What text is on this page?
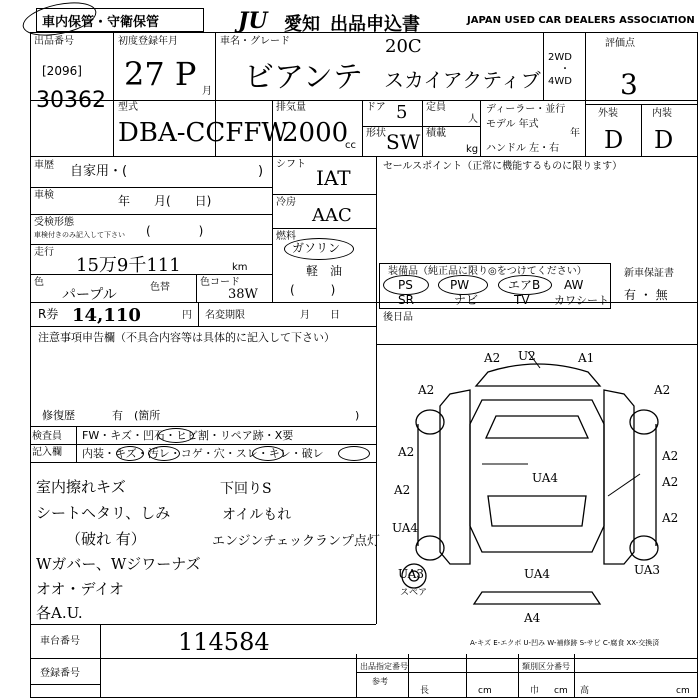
車内保管・守衛保管	JU 愛知 出品申込書	JAPAN USED CAR DEALERS ASSOCIATION
出品番号
[2096]
30362
初度登録年月
27 P 月
車名・グレード
ビアンテ
20C
スカイアクティブ
2WD
・
4WD
評価点
3
外装	内装
D D
型式
DBA-CCFFW
排気量
2000
cc
ドア 5 定員
人
形状 SW 積載
kg
ディーラー・並行
モデル 年式
年
ハンドル 左・右
車歴 自家用・(	)
車検	年　　月(　　日)
受検形態
車検付きのみ記入して下さい (　　　　)
走行
15万9千111	km
色
パープル	色替	色コード
38W
シフト
IAT
冷房
AAC
燃料
ガソリン
軽　油
(　　　)
セールスポイント（正常に機能するものに限ります）
装備品（純正品に限り◎をつけてください）
PS	PW	エアB AW
SR	ナビ	TV カワシート
新車保証書
有 ・ 無
R券 14,110	円 名変期限	月　　日	後日品
注意事項申告欄（不具合内容等は具体的に記入して下さい）
修復歴	有　(箇所	)
検査員
記入欄
FW・キズ・凹石・ヒビ割・リペア跡・X要
内装・キズ・汚レ・コゲ・穴・スレ・キレ・破レ
室内擦れキズ
シートヘタリ、しみ
（破れ 有）
Wガバー、Wジワーナズ
オオ・デイオ
各A.U.
下回りS
オイルもれ
エンジンチェックランプ点灯
A2 U2	A1
A2	A2
A2	A2
A2
A2
A2
UA4
UA4
UA3	UA4	UA3
A4
スペア
A-キズ E-エクボ U-凹み W-補修跡 S-サビ C-腐食 XX-交換済
車台番号	114584
登録番号
出品指定番号	類別区分番号
参考
長	cm	巾 cm 高	cm
